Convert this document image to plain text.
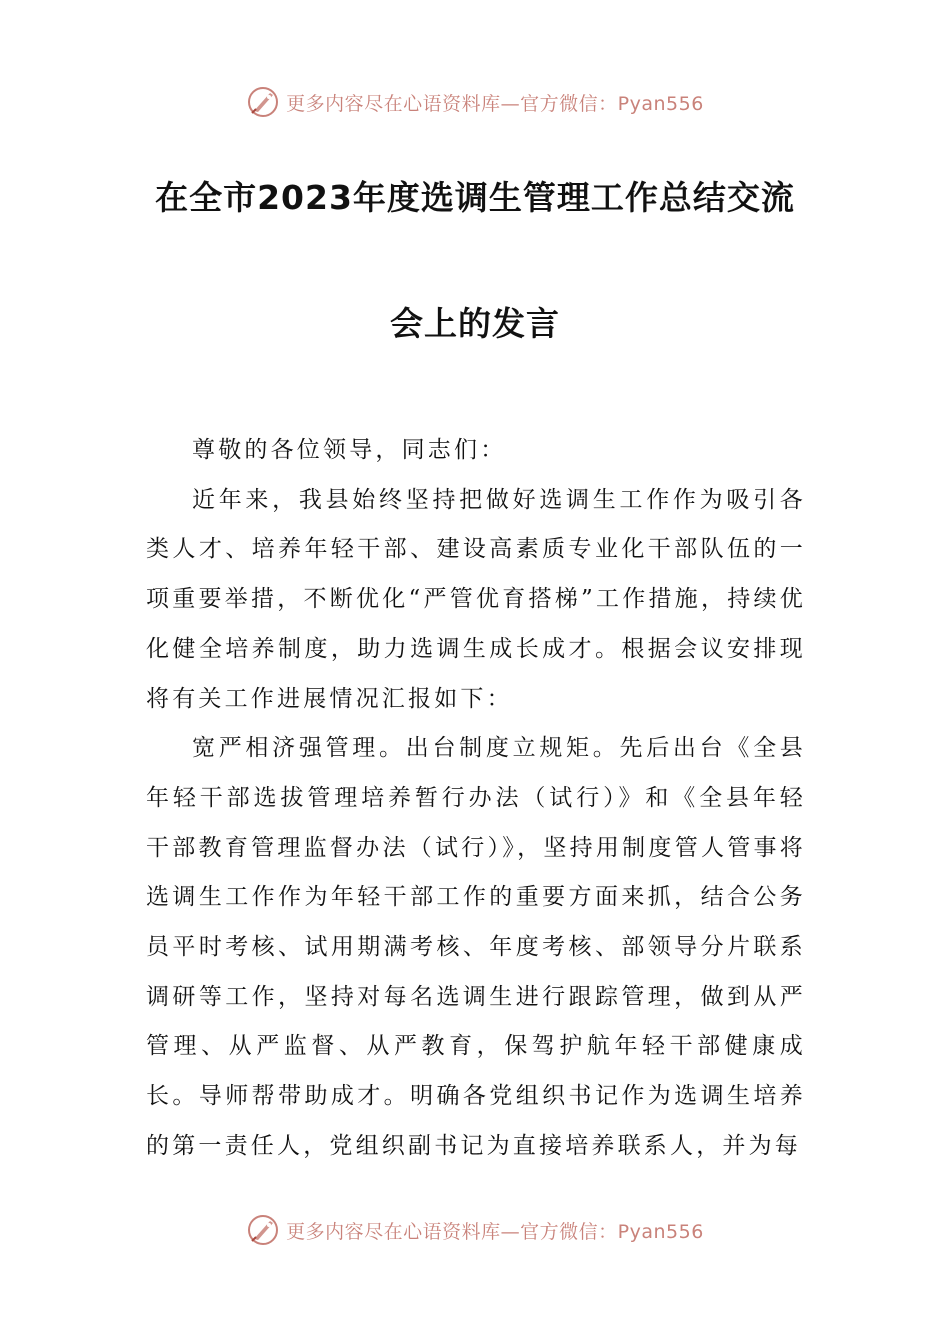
更多内容尽在心语资料库—官方微信：Pyan556
在全市2023年度选调生管理工作总结交流
会上的发言

尊敬的各位领导，同志们：

近年来，我县始终坚持把做好选调生工作作为吸引各类人才、培养年轻干部、建设高素质专业化干部队伍的一项重要举措，不断优化“严管优育搭梯”工作措施，持续优化健全培养制度，助力选调生成长成才。根据会议安排现将有关工作进展情况汇报如下：

宽严相济强管理。出台制度立规矩。先后出台《全县年轻干部选拔管理培养暂行办法（试行）》和《全县年轻干部教育管理监督办法（试行）》，坚持用制度管人管事将选调生工作作为年轻干部工作的重要方面来抓，结合公务员平时考核、试用期满考核、年度考核、部领导分片联系调研等工作，坚持对每名选调生进行跟踪管理，做到从严管理、从严监督、从严教育，保驾护航年轻干部健康成长。导师帮带助成才。明确各党组织书记作为选调生培养的第一责任人，党组织副书记为直接培养联系人，并为每

更多内容尽在心语资料库—官方微信：Pyan556
